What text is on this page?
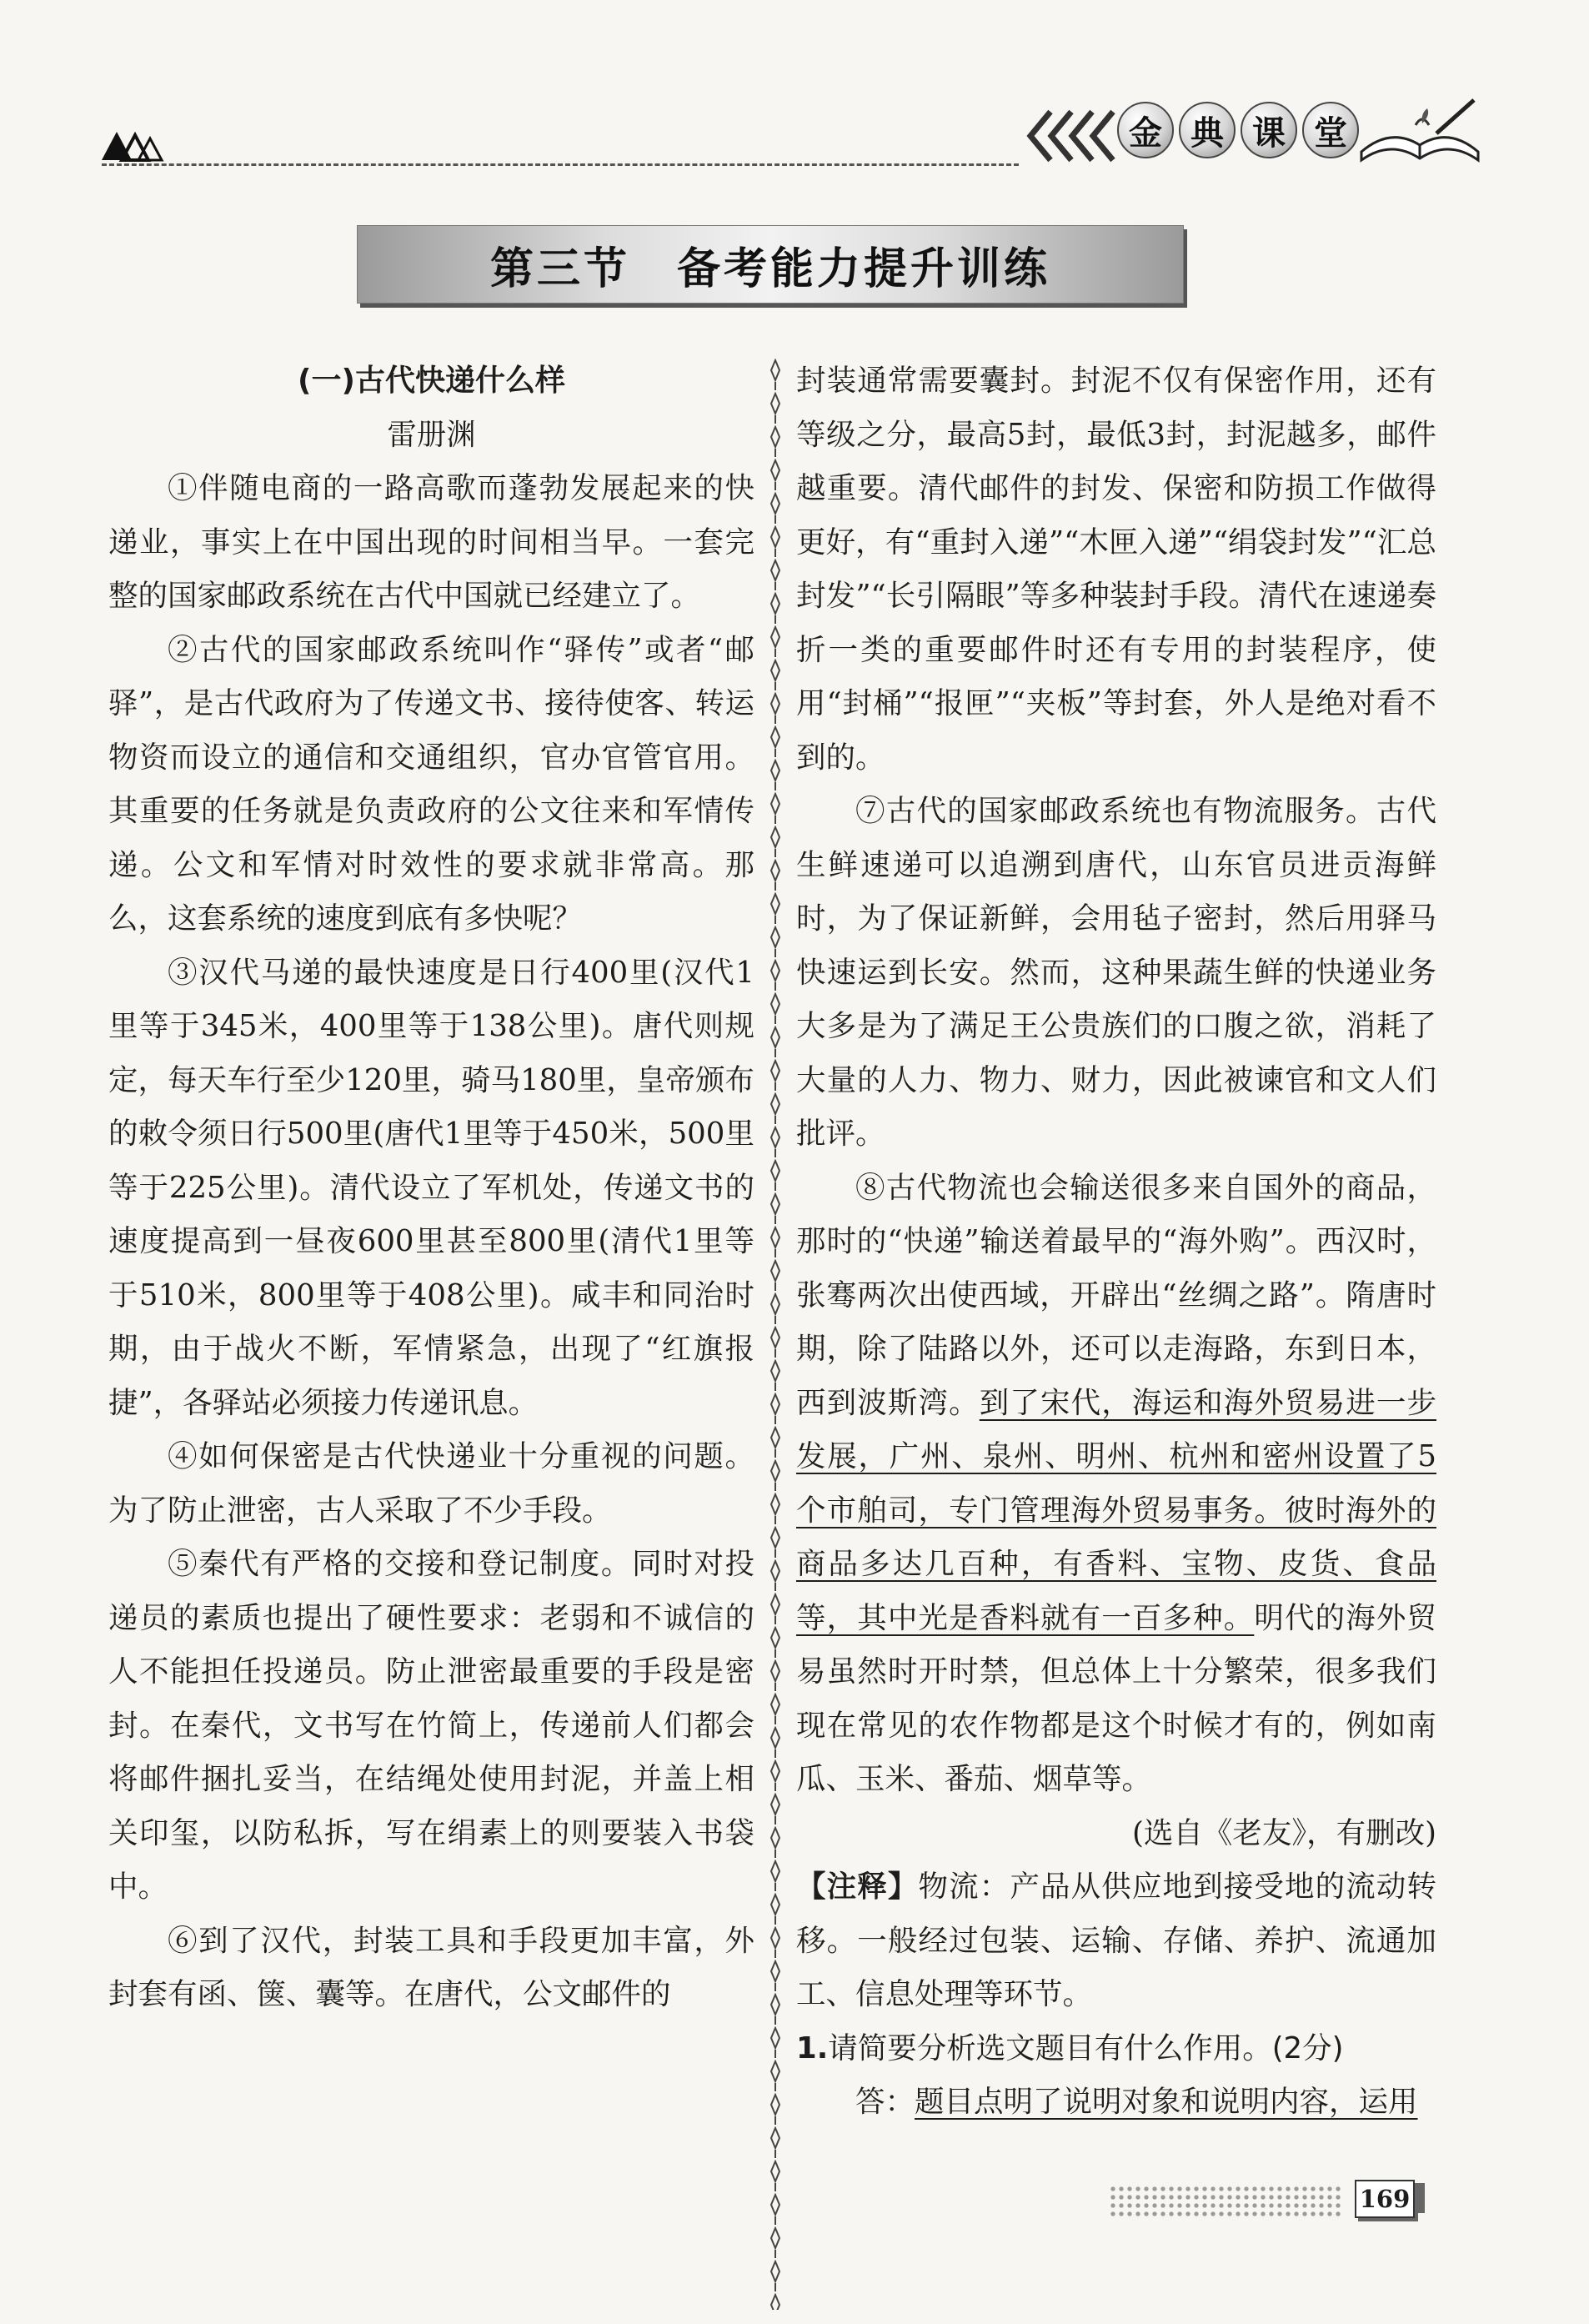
金 典 课 堂
第三节　备考能力提升训练

(一)古代快递什么样

雷册渊

①伴随电商的一路高歌而蓬勃发展起来的快递业，事实上在中国出现的时间相当早。一套完整的国家邮政系统在古代中国就已经建立了。

②古代的国家邮政系统叫作“驿传”或者“邮驿”，是古代政府为了传递文书、接待使客、转运物资而设立的通信和交通组织，官办官管官用。其重要的任务就是负责政府的公文往来和军情传递。公文和军情对时效性的要求就非常高。那么，这套系统的速度到底有多快呢？

③汉代马递的最快速度是日行400里(汉代1里等于345米，400里等于138公里)。唐代则规定，每天车行至少120里，骑马180里，皇帝颁布的敕令须日行500里(唐代1里等于450米，500里等于225公里)。清代设立了军机处，传递文书的速度提高到一昼夜600里甚至800里(清代1里等于510米，800里等于408公里)。咸丰和同治时期，由于战火不断，军情紧急，出现了“红旗报捷”，各驿站必须接力传递讯息。

④如何保密是古代快递业十分重视的问题。为了防止泄密，古人采取了不少手段。

⑤秦代有严格的交接和登记制度。同时对投递员的素质也提出了硬性要求：老弱和不诚信的人不能担任投递员。防止泄密最重要的手段是密封。在秦代，文书写在竹简上，传递前人们都会将邮件捆扎妥当，在结绳处使用封泥，并盖上相关印玺，以防私拆，写在绢素上的则要装入书袋中。

⑥到了汉代，封装工具和手段更加丰富，外封套有函、箧、囊等。在唐代，公文邮件的

封装通常需要囊封。封泥不仅有保密作用，还有等级之分，最高5封，最低3封，封泥越多，邮件越重要。清代邮件的封发、保密和防损工作做得更好，有“重封入递”“木匣入递”“绢袋封发”“汇总封发”“长引隔眼”等多种装封手段。清代在速递奏折一类的重要邮件时还有专用的封装程序，使用“封桶”“报匣”“夹板”等封套，外人是绝对看不到的。

⑦古代的国家邮政系统也有物流服务。古代生鲜速递可以追溯到唐代，山东官员进贡海鲜时，为了保证新鲜，会用毡子密封，然后用驿马快速运到长安。然而，这种果蔬生鲜的快递业务大多是为了满足王公贵族们的口腹之欲，消耗了大量的人力、物力、财力，因此被谏官和文人们批评。

⑧古代物流也会输送很多来自国外的商品，那时的“快递”输送着最早的“海外购”。西汉时，张骞两次出使西域，开辟出“丝绸之路”。隋唐时期，除了陆路以外，还可以走海路，东到日本，西到波斯湾。到了宋代，海运和海外贸易进一步发展，广州、泉州、明州、杭州和密州设置了5个市舶司，专门管理海外贸易事务。彼时海外的商品多达几百种，有香料、宝物、皮货、食品等，其中光是香料就有一百多种。明代的海外贸易虽然时开时禁，但总体上十分繁荣，很多我们现在常见的农作物都是这个时候才有的，例如南瓜、玉米、番茄、烟草等。

(选自《老友》，有删改)

【注释】物流：产品从供应地到接受地的流动转移。一般经过包装、运输、存储、养护、流通加工、信息处理等环节。

1.请简要分析选文题目有什么作用。(2分)

答：题目点明了说明对象和说明内容，运用

169
